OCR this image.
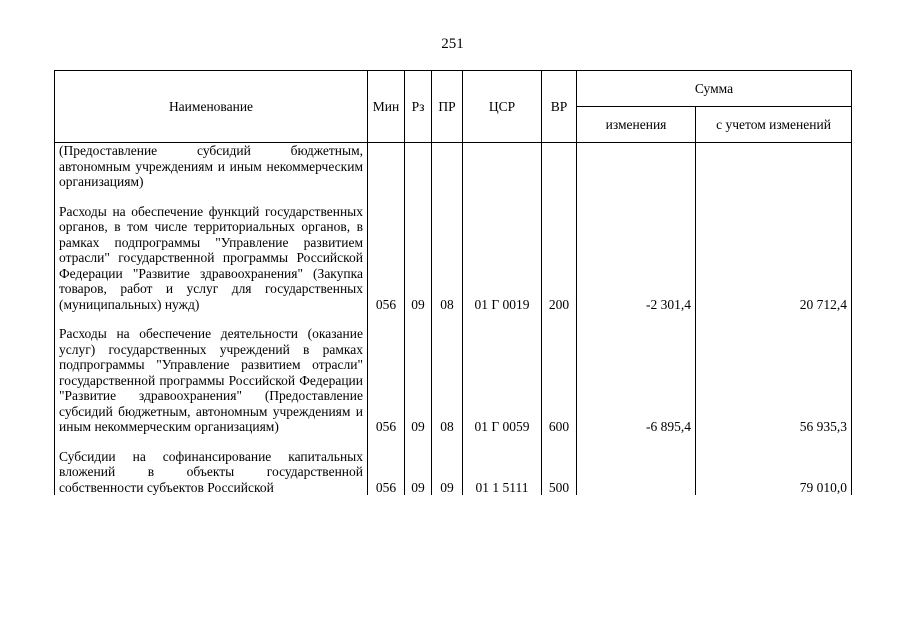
251
Наименование	Мин	Рз	ПР	ЦСР	ВР	Сумма	
						изменения	с учетом изменений
(Предоставление субсидий бюджетным, автономным учреждениям и иным некоммерческим организациям)							

Расходы на обеспечение функций государственных органов, в том числе территориальных органов, в рамках подпрограммы "Управление развитием отрасли" государственной программы Российской Федерации "Развитие здравоохранения" (Закупка товаров, работ и услуг для государственных (муниципальных) нужд)	056	09	08	01 Г 0019	200	-2 301,4	20 712,4

Расходы на обеспечение деятельности (оказание услуг) государственных учреждений в рамках подпрограммы "Управление развитием отрасли" государственной программы Российской Федерации "Развитие здравоохранения" (Предоставление субсидий бюджетным, автономным учреждениям и иным некоммерческим организациям)	056	09	08	01 Г 0059	600	-6 895,4	56 935,3

Субсидии на софинансирование капитальных вложений в объекты государственной собственности субъектов Российской	056	09	09	01 1 5111	500		79 010,0
